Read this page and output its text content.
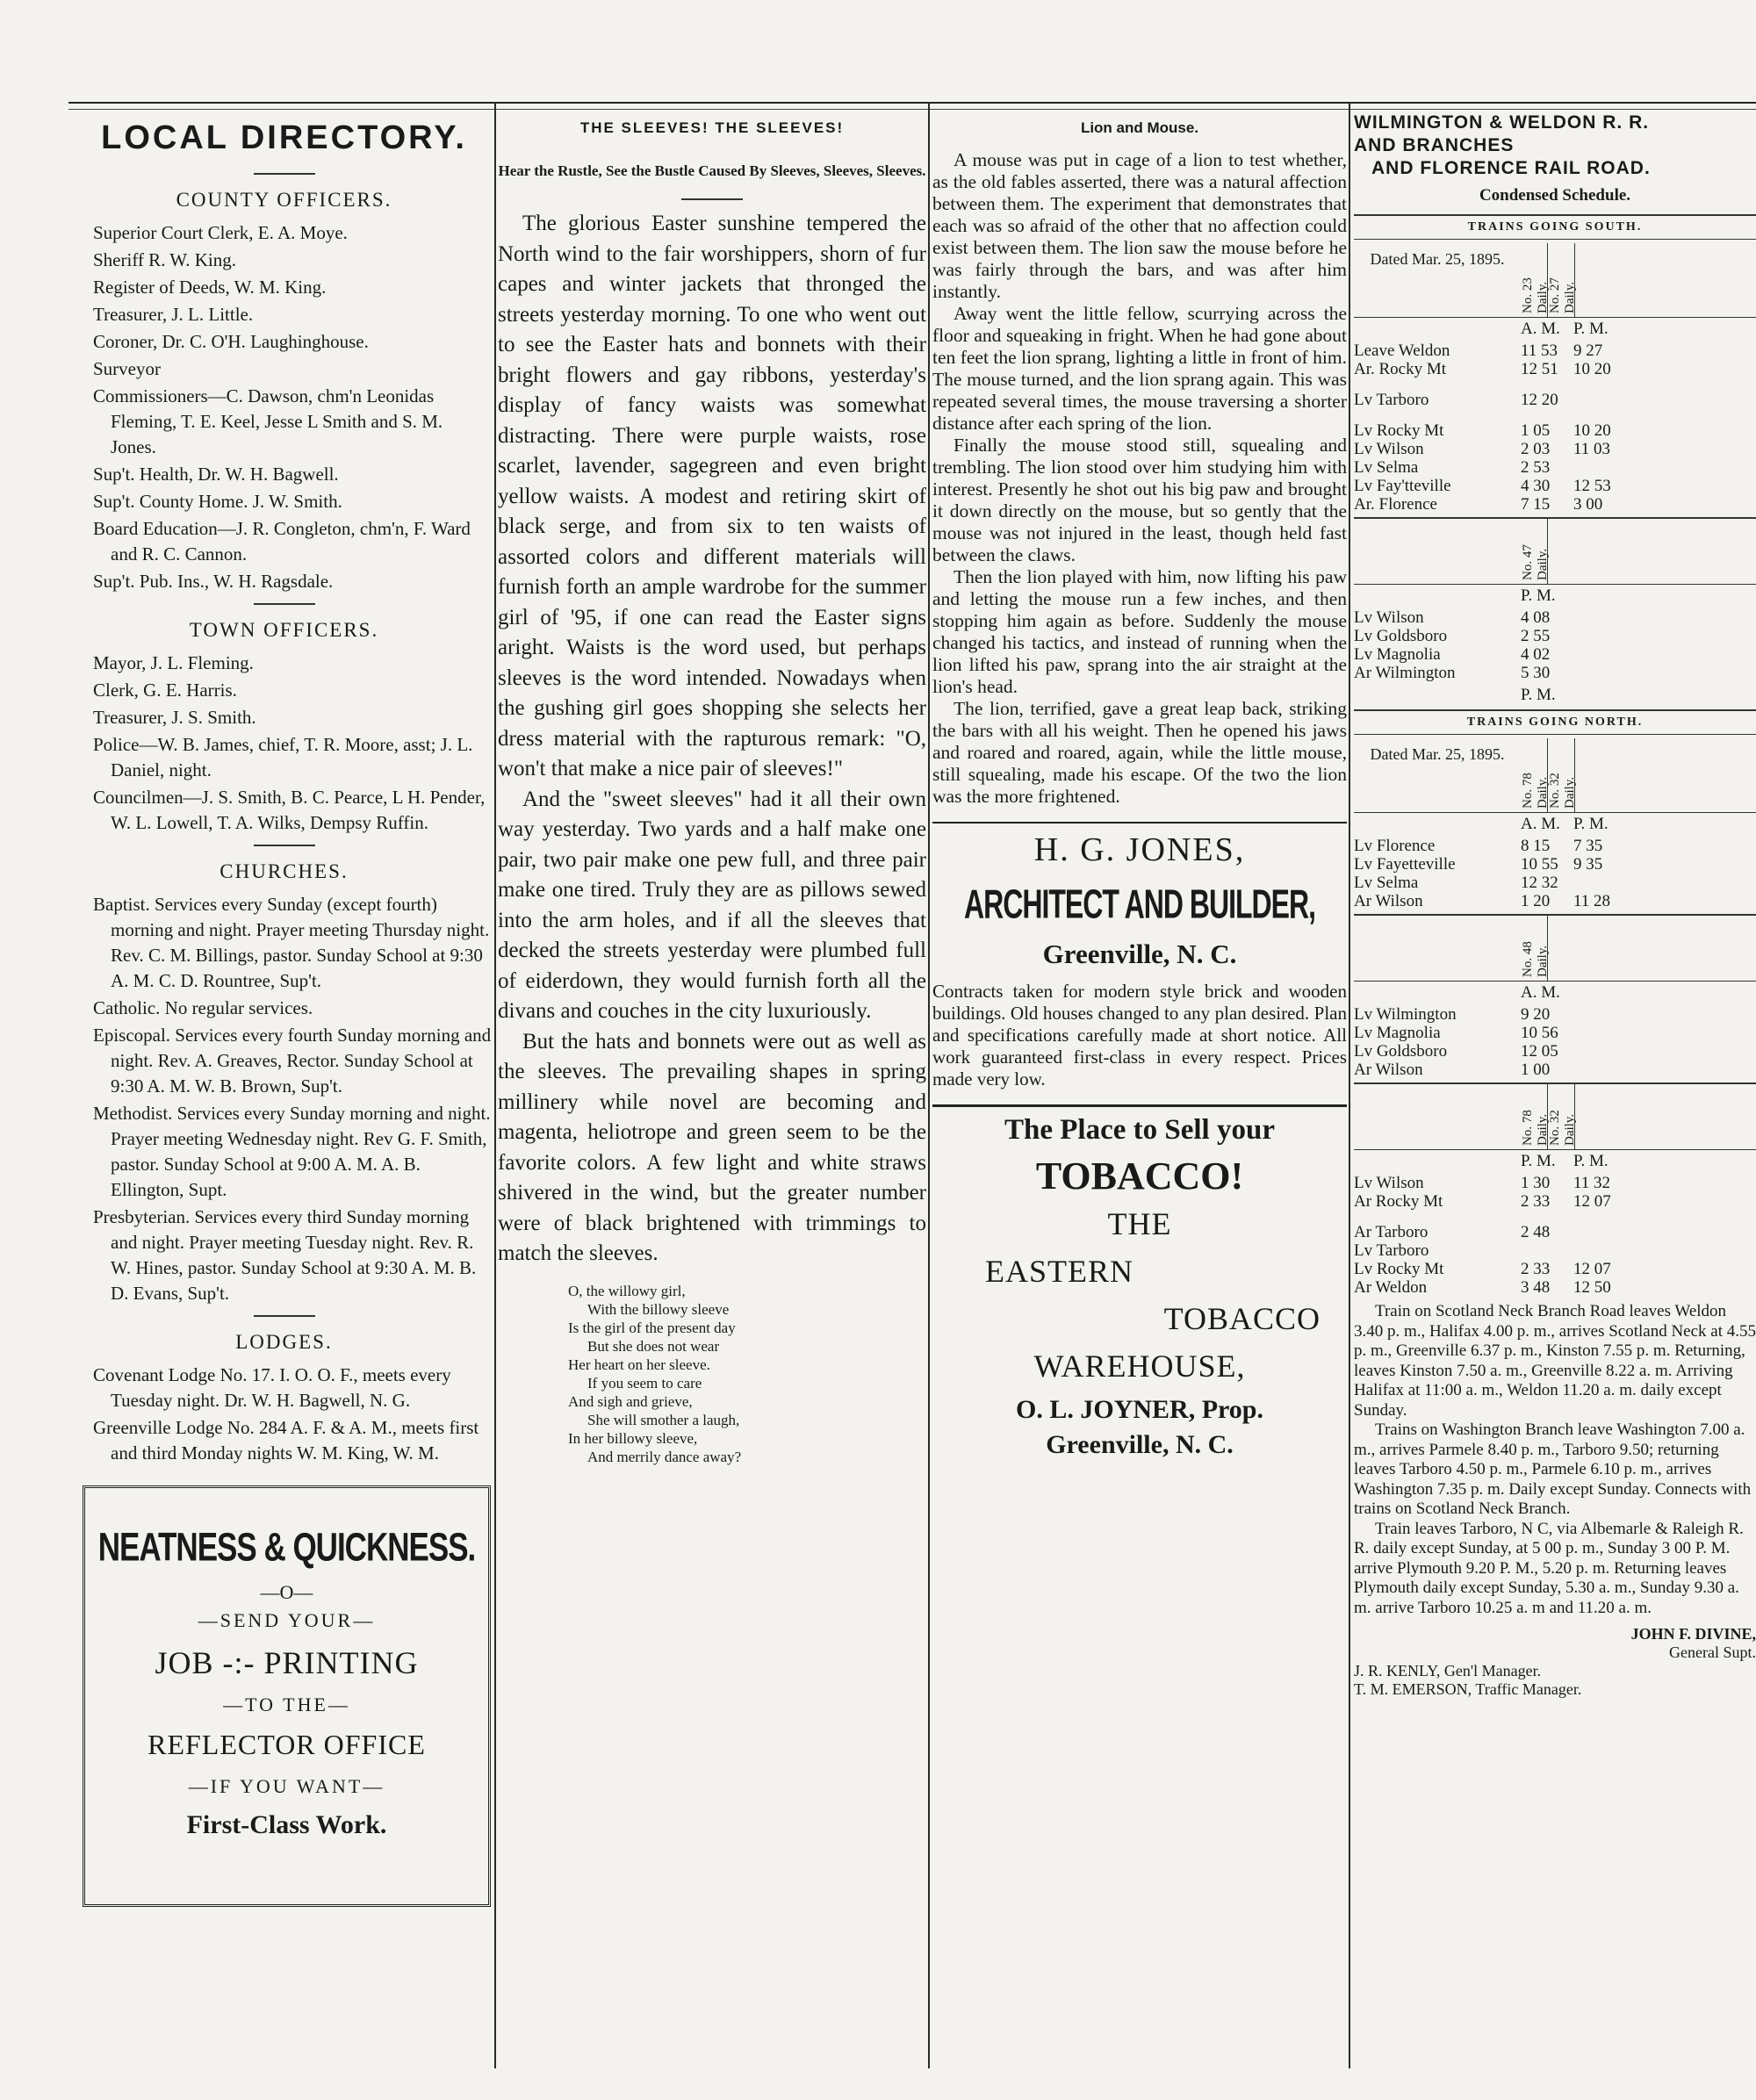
LOCAL DIRECTORY.
COUNTY OFFICERS.
Superior Court Clerk, E. A. Moye.
Sheriff R. W. King.
Register of Deeds, W. M. King.
Treasurer, J. L. Little.
Coroner, Dr. C. O'H. Laughinghouse.
Surveyor
Commissioners—C. Dawson, chm'n Leonidas Fleming, T. E. Keel, Jesse L Smith and S. M. Jones.
Sup't. Health, Dr. W. H. Bagwell.
Sup't. County Home. J. W. Smith.
Board Education—J. R. Congleton, chm'n, F. Ward and R. C. Cannon.
Sup't. Pub. Ins., W. H. Ragsdale.
TOWN OFFICERS.
Mayor, J. L. Fleming.
Clerk, G. E. Harris.
Treasurer, J. S. Smith.
Police—W. B. James, chief, T. R. Moore, asst; J. L. Daniel, night.
Councilmen—J. S. Smith, B. C. Pearce, L H. Pender, W. L. Lowell, T. A. Wilks, Dempsy Ruffin.
CHURCHES.
Baptist. Services every Sunday (except fourth) morning and night. Prayer meeting Thursday night. Rev. C. M. Billings, pastor. Sunday School at 9:30 A. M. C. D. Rountree, Sup't.
Catholic. No regular services.
Episcopal. Services every fourth Sunday morning and night. Rev. A. Greaves, Rector. Sunday School at 9:30 A. M. W. B. Brown, Sup't.
Methodist. Services every Sunday morning and night. Prayer meeting Wednesday night. Rev G. F. Smith, pastor. Sunday School at 9:00 A. M. A. B. Ellington, Supt.
Presbyterian. Services every third Sunday morning and night. Prayer meeting Tuesday night. Rev. R. W. Hines, pastor. Sunday School at 9:30 A. M. B. D. Evans, Sup't.
LODGES.
Covenant Lodge No. 17. I. O. O. F., meets every Tuesday night. Dr. W. H. Bagwell, N. G.
Greenville Lodge No. 284 A. F. & A. M., meets first and third Monday nights W. M. King, W. M.
NEATNESS & QUICKNESS.
—O—
—SEND YOUR—
JOB -:- PRINTING
—TO THE—
REFLECTOR OFFICE
—IF YOU WANT—
First-Class Work.
THE SLEEVES! THE SLEEVES!
Hear the Rustle, See the Bustle Caused By Sleeves, Sleeves, Sleeves.

The glorious Easter sunshine tempered the North wind to the fair worshippers, shorn of fur capes and winter jackets that thronged the streets yesterday morning. To one who went out to see the Easter hats and bonnets with their bright flowers and gay ribbons, yesterday's display of fancy waists was somewhat distracting. There were purple waists, rose scarlet, lavender, sagegreen and even bright yellow waists. A modest and retiring skirt of black serge, and from six to ten waists of assorted colors and different materials will furnish forth an ample wardrobe for the summer girl of '95, if one can read the Easter signs aright. Waists is the word used, but perhaps sleeves is the word intended. Nowadays when the gushing girl goes shopping she selects her dress material with the rapturous remark: "O, won't that make a nice pair of sleeves!"

And the "sweet sleeves" had it all their own way yesterday. Two yards and a half make one pair, two pair make one pew full, and three pair make one tired. Truly they are as pillows sewed into the arm holes, and if all the sleeves that decked the streets yesterday were plumbed full of eiderdown, they would furnish forth all the divans and couches in the city luxuriously.

But the hats and bonnets were out as well as the sleeves. The prevailing shapes in spring millinery while novel are becoming and magenta, heliotrope and green seem to be the favorite colors. A few light and white straws shivered in the wind, but the greater number were of black brightened with trimmings to match the sleeves.

O, the willowy girl,
With the billowy sleeve
Is the girl of the present day
But she does not wear
Her heart on her sleeve.
If you seem to care
And sigh and grieve,
She will smother a laugh,
In her billowy sleeve,
And merrily dance away?
Lion and Mouse.

A mouse was put in cage of a lion to test whether, as the old fables asserted, there was a natural affection between them. The experiment that demonstrates that each was so afraid of the other that no affection could exist between them. The lion saw the mouse before he was fairly through the bars, and was after him instantly.

Away went the little fellow, scurrying across the floor and squeaking in fright. When he had gone about ten feet the lion sprang, lighting a little in front of him. The mouse turned, and the lion sprang again. This was repeated several times, the mouse traversing a shorter distance after each spring of the lion.

Finally the mouse stood still, squealing and trembling. The lion stood over him studying him with interest. Presently he shot out his big paw and brought it down directly on the mouse, but so gently that the mouse was not injured in the least, though held fast between the claws.

Then the lion played with him, now lifting his paw and letting the mouse run a few inches, and then stopping him again as before. Suddenly the mouse changed his tactics, and instead of running when the lion lifted his paw, sprang into the air straight at the lion's head.

The lion, terrified, gave a great leap back, striking the bars with all his weight. Then he opened his jaws and roared and roared, again, while the little mouse, still squealing, made his escape. Of the two the lion was the more frightened.

H. G. JONES,
ARCHITECT AND BUILDER,
Greenville, N. C.
Contracts taken for modern style brick and wooden buildings. Old houses changed to any plan desired. Plan and specifications carefully made at short notice. All work guaranteed first-class in every respect. Prices made very low.
The Place to Sell your
TOBACCO!
THE
EASTERN
TOBACCO
WAREHOUSE,
O. L. JOYNER, Prop.
Greenville, N. C.
WILMINGTON & WELDON R. R.
AND BRANCHES
AND FLORENCE RAIL ROAD.
Condensed Schedule.
TRAINS GOING SOUTH.
Dated Mar. 25, 1895.
No. 23 Daily.
No. 27 Daily.
A. M. P. M.
Leave Weldon	11 53 9 27
Ar. Rocky Mt	12 51 10 20
Lv Tarboro	12 20
Lv Rocky Mt	1 05	10 20
Lv Wilson	2 03	11 03
Lv Selma	2 53
Lv Fay'tteville	4 30	12 53
Ar. Florence	7 15	3 00
No. 47 Daily.
P. M.
Lv Wilson	4 08
Lv Goldsboro	2 55
Lv Magnolia	4 02
Ar Wilmington	5 30
P. M.
TRAINS GOING NORTH.
Dated Mar. 25, 1895.
No. 78 Daily.
No. 32 Daily.
A. M. P. M.
Lv Florence	8 15	7 35
Lv Fayetteville	10 55 9 35
Lv Selma	12 32
Ar Wilson	1 20	11 28
No. 48 Daily.
A. M.
Lv Wilmington	9 20
Lv Magnolia	10 56
Lv Goldsboro	12 05
Ar Wilson	1 00
No. 78 Daily.
No. 32 Daily.
P. M.	P. M.
Lv Wilson	1 30	11 32
Ar Rocky Mt	2 33	12 07
Ar Tarboro	2 48
Lv Tarboro
Lv Rocky Mt	2 33	12 07
Ar Weldon	3 48	12 50

Train on Scotland Neck Branch Road leaves Weldon 3.40 p. m., Halifax 4.00 p. m., arrives Scotland Neck at 4.55 p. m., Greenville 6.37 p. m., Kinston 7.55 p. m. Returning, leaves Kinston 7.50 a. m., Greenville 8.22 a. m. Arriving Halifax at 11:00 a. m., Weldon 11.20 a. m. daily except Sunday.

Trains on Washington Branch leave Washington 7.00 a. m., arrives Parmele 8.40 p. m., Tarboro 9.50; returning leaves Tarboro 4.50 p. m., Parmele 6.10 p. m., arrives Washington 7.35 p. m. Daily except Sunday. Connects with trains on Scotland Neck Branch.

Train leaves Tarboro, N C, via Albemarle & Raleigh R. R. daily except Sunday, at 5 00 p. m., Sunday 3 00 P. M. arrive Plymouth 9.20 P. M., 5.20 p. m. Returning leaves Plymouth daily except Sunday, 5.30 a. m., Sunday 9.30 a. m. arrive Tarboro 10.25 a. m and 11.20 a. m.

JOHN F. DIVINE,
General Supt.
J. R. KENLY, Gen'l Manager.
T. M. EMERSON, Traffic Manager.
